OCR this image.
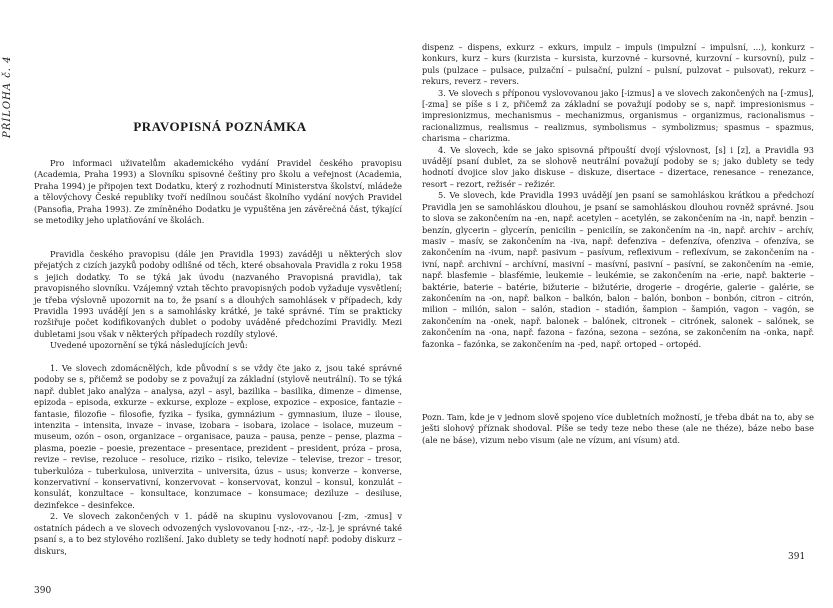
PŘÍLOHA č. 4	PRAVOPISNÁ POZNÁMKA

Pro informaci uživatelům akademického vydání Pravidel českého pravopisu (Academia, Praha 1993) a Slovníku spisovné češtiny pro školu a veřejnost (Academia, Praha 1994) je připojen text Dodatku, který z rozhodnutí Ministerstva školství, mládeže a tělovýchovy České republiky tvoří nedílnou součást školního vydání nových Pravidel (Pansofia, Praha 1993). Ze zmíněného Dodatku je vypuštěna jen závěrečná část, týkající se metodiky jeho uplatňování ve školách.

Pravidla českého pravopisu (dále jen Pravidla 1993) zaváději u některých slov přejatých z cizích jazyků podoby odlišné od těch, které obsahovala Pravidla z roku 1958 s jejich dodatky. To se týká jak úvodu (nazvaného Pravopisná pravidla), tak pravopisného slovníku. Vzájemný vztah těchto pravopisných podob vyžaduje vysvětlení; je třeba výslovně upozornit na to, že psaní s a dlouhých samohlásek v případech, kdy Pravidla 1993 uvádějí jen s a samohlásky krátké, je také správné. Tím se prakticky rozšiřuje počet kodifikovaných dublet o podoby uváděné předchozími Pravidly. Mezi dubletami jsou však v některých případech rozdíly stylové.

Uvedené upozornění se týká následujících jevů:

1. Ve slovech zdomácnělých, kde původní s se vždy čte jako z, jsou také správné podoby se s, přičemž se podoby se z považují za základní (stylově neutrální). To se týká např. dublet jako analýza – analysa, azyl – asyl, bazilika – basilika, dimenze – dimense, epizoda – episoda, exkurze – exkurse, exploze – explose, expozice – exposice, fantazie – fantasie, filozofie – filosofie, fyzika – fysika, gymnázium – gymnasium, iluze – ilouse, intenzita – intensita, invaze – invase, izobara – isobara, izolace – isolace, muzeum – museum, ozón – oson, organizace – organisace, pauza – pausa, penze – pense, plazma – plasma, poezie – poesie, prezentace – presentace, prezident – president, próza – prosa, revize – revise, rezoluce – resoluce, riziko – risiko, televize – televise, trezor – tresor, tuberkulóza – tuberkulosa, univerzita – universita, úzus – usus; konverze – konverse, konzervativní – konservativní, konzervovat – konservovat, konzul – konsul, konzulát – konsulát, konzultace – konsultace, konzumace – konsumace; deziluze – desiluse, dezinfekce – desinfekce.

2. Ve slovech zakončených v 1. pádě na skupinu vyslovovanou [-zm, -zmus] v ostatních pádech a ve slovech odvozených vyslovovanou [-nz-, -rz-, -lz-], je správné také psaní s, a to bez stylového rozlišení. Jako dublety se tedy hodnotí např. podoby diskurz – diskurs,

390

dispenz – dispens, exkurz – exkurs, impulz – impuls (impulzní – impulsní, ...), konkurz – konkurs, kurz – kurs (kurzista – kursista, kurzovné – kursovné, kurzovní – kursovní), pulz – puls (pulzace – pulsace, pulzační – pulsační, pulzní – pulsní, pulzovat – pulsovat), rekurz – rekurs, reverz – revers.

3. Ve slovech s příponou vyslovovanou jako [-izmus] a ve slovech zakončených na [-zmus], [-zma] se píše s i z, přičemž za základní se považují podoby se s, např. impresionismus – impresionizmus, mechanismus – mechanizmus, organismus – organizmus, racionalismus – racionalizmus, realismus – realizmus, symbolismus – symbolizmus; spasmus – spazmus, charisma – charizma.

4. Ve slovech, kde se jako spisovná připouští dvojí výslovnost, [s] i [z], a Pravidla 93 uvádějí psaní dublet, za se slohově neutrální považují podoby se s; jako dublety se tedy hodnotí dvojice slov jako diskuse – diskuze, disertace – dizertace, renesance – renezance, resort – rezort, režisér – režizér.

5. Ve slovech, kde Pravidla 1993 uvádějí jen psaní se samohláskou krátkou a předchozí Pravidla jen se samohláskou dlouhou, je psaní se samohláskou dlouhou rovněž správné. Jsou to slova se zakončením na -en, např. acetylen – acetylén, se zakončením na -in, např. benzin – benzín, glycerin – glycerín, penicilin – penicilín, se zakončením na -in, např. archiv – archív, masiv – masív, se zakončením na -iva, např. defenziva – defenzíva, ofenziva – ofenzíva, se zakončením na -ivum, např. pasivum – pasívum, reflexivum – reflexívum, se zakončením na -ivní, např. archivní – archívní, masivní – masívní, pasivní – pasívní, se zakončením na -emie, např. blasfemie – blasfémie, leukemie – leukémie, se zakončením na -erie, např. bakterie – baktérie, baterie – batérie, bižuterie – bižutérie, drogerie – drogérie, galerie – galérie, se zakončením na -on, např. balkon – balkón, balon – balón, bonbon – bonbón, citron – citrón, milion – milión, salon – salón, stadion – stadión, šampion – šampión, vagon – vagón, se zakončením na -onek, např. balonek – balónek, citronek – citrónek, salonek – salónek, se zakončením na -ona, např. fazona – fazóna, sezona – sezóna, se zakončením na -onka, např. fazonka – fazónka, se zakončením na -ped, např. ortoped – ortopéd.

Pozn. Tam, kde je v jednom slově spojeno více dubletních možností, je třeba dbát na to, aby se ješti slohový příznak shodoval. Píše se tedy teze nebo these (ale ne théze), báze nebo base (ale ne báse), vizum nebo visum (ale ne vízum, ani vísum) atd.

391
